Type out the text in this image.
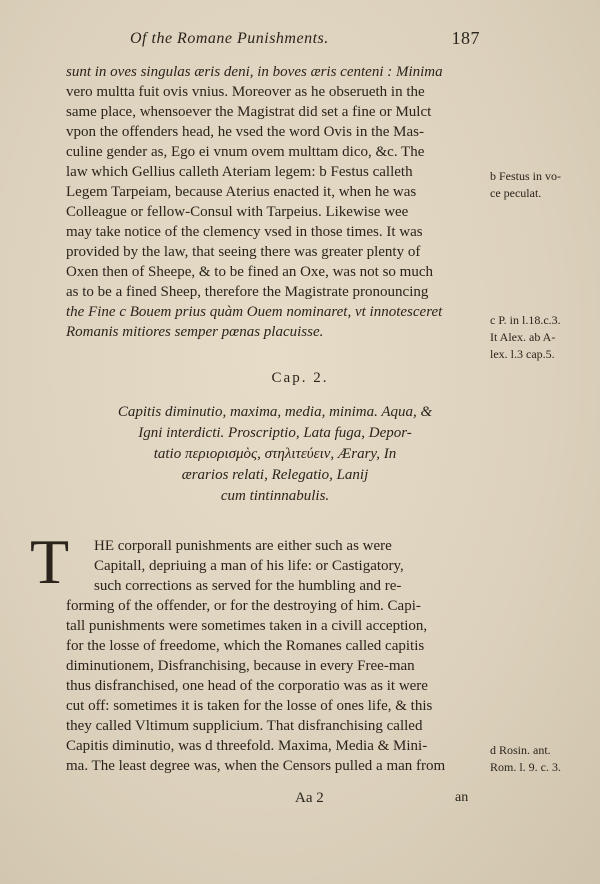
Of the Romane Punishments.	187
sunt in oves singulas æris deni, in boves æris centeni : Minima
vero multta fuit ovis vnius. Moreover as he obserueth in the
same place, whensoever the Magistrat did set a fine or Mulct
vpon the offenders head, he vsed the word Ovis in the Mas-
culine gender as, Ego ei vnum ovem multtam dico, &c. The
law which Gellius calleth Ateriam legem: b Festus calleth
Legem Tarpeiam, because Aterius enacted it, when he was
Colleague or fellow-Consul with Tarpeius. Likewise wee
may take notice of the clemency vsed in those times. It was
provided by the law, that seeing there was greater plenty of
Oxen then of Sheepe, & to be fined an Oxe, was not so much
as to be a fined Sheep, therefore the Magistrate pronouncing
the Fine c Bouem prius quàm Ouem nominaret, vt innotesceret
Romanis mitiores semper pœnas placuisse.
b Festus in vo-
ce peculat.
c P. in l.18.c.3.
It Alex. ab A-
lex. l.3 cap.5.
Cap. 2.
Capitis diminutio, maxima, media, minima. Aqua, &
Igni interdicti. Proscriptio, Lata fuga, Depor-
tatio περιορισμὸς, στηλιτεύειν, Ærary, In
ærarios relati, Relegatio, Lanij
cum tintinnabulis.
T	HE corporall punishments are either such as were
Capitall, depriuing a man of his life: or Castigatory,
such corrections as served for the humbling and re-
forming of the offender, or for the destroying of him. Capi-
tall punishments were sometimes taken in a civill acception,
for the losse of freedome, which the Romanes called capitis
diminutionem, Disfranchising, because in every Free-man
thus disfranchised, one head of the corporatio was as it were
cut off: sometimes it is taken for the losse of ones life, & this
they called Vltimum supplicium. That disfranchising called
Capitis diminutio, was d threefold. Maxima, Media & Mini-
ma. The least degree was, when the Censors pulled a man from
d Rosin. ant.
Rom. l. 9. c. 3.
Aa 2	an
